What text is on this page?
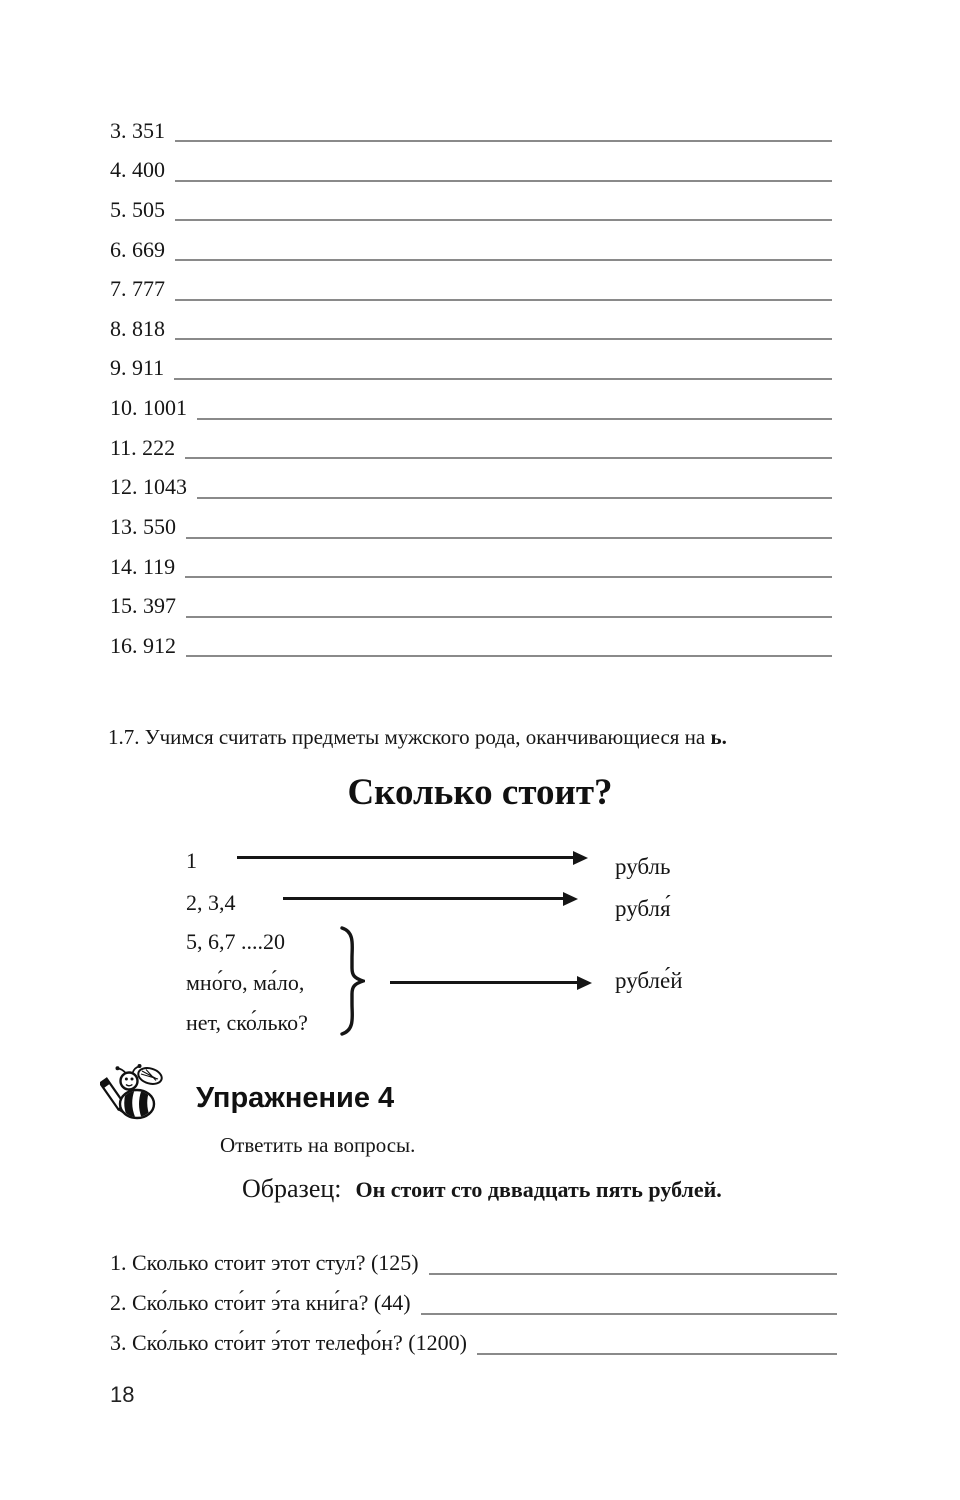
3. 351
4. 400
5. 505
6. 669
7. 777
8. 818
9. 911
10. 1001
11. 222
12. 1043
13. 550
14. 119
15. 397
16. 912

1.7. Учимся считать предметы мужского рода, оканчивающиеся на ь.

Сколько стоит?
1	рубль
2, 3,4	рубля́
5, 6,7 ....20
мно́го, ма́ло,
нет, ско́лько?
рубле́й
Упражнение 4
Ответить на вопросы.
Образец: Он стоит сто дввадцать пять рублей.
1. Сколько стоит этот стул? (125)
2. Ско́лько сто́ит э́та кни́га? (44)
3. Ско́лько сто́ит э́тот телефо́н? (1200)
18
